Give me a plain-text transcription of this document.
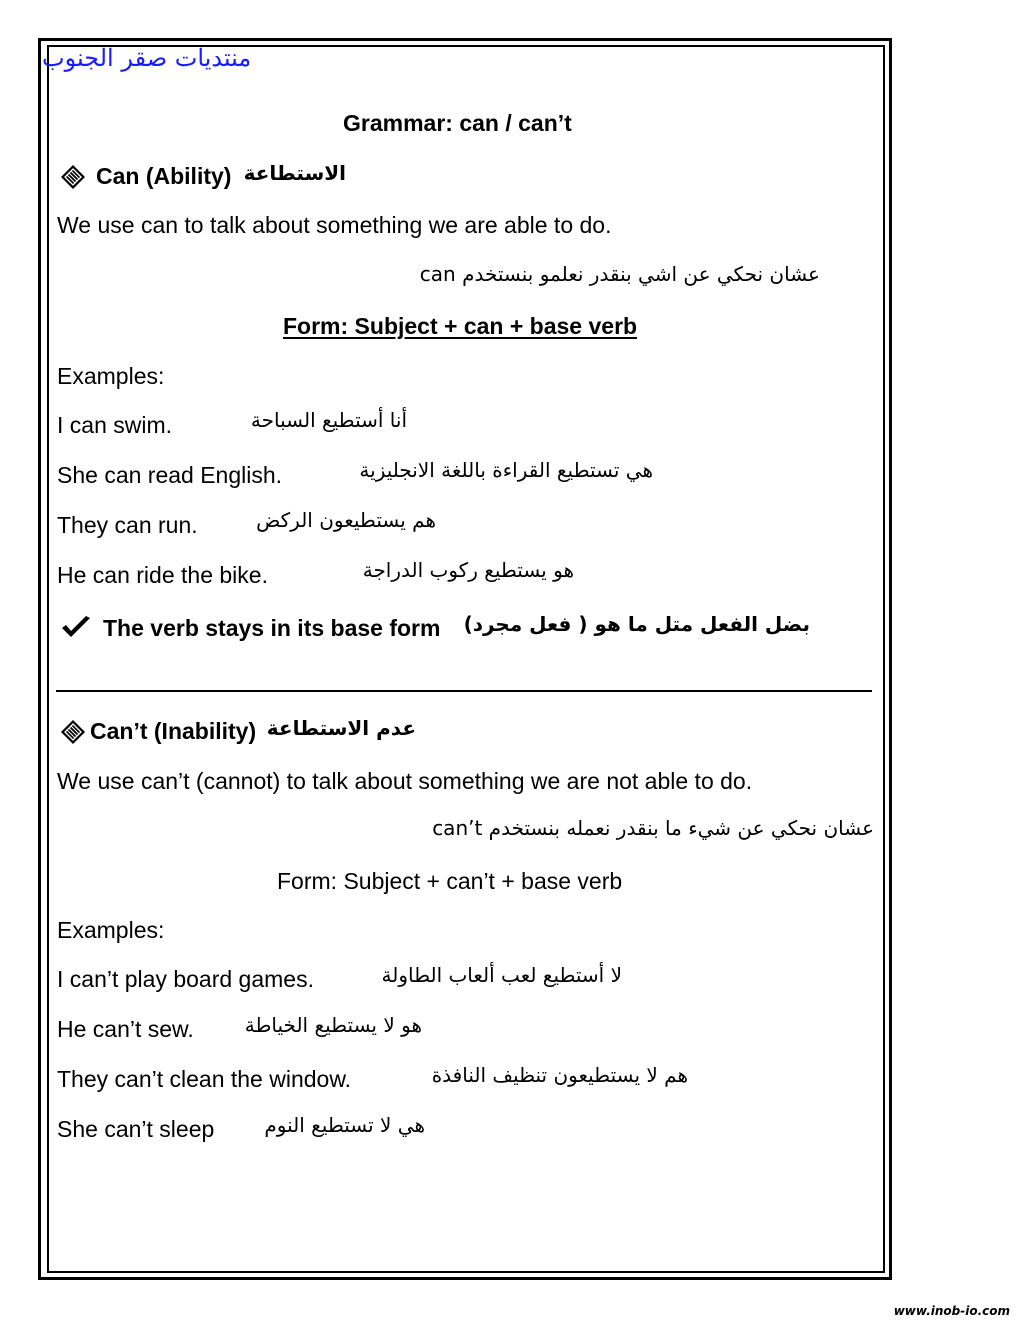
منتديات صقر الجنوب
Grammar: can / can’t
Can (Ability) الاستطاعة
We use can to talk about something we are able to do.
عشان نحكي عن اشي بنقدر نعلمو بنستخدم can
Form: Subject + can + base verb
Examples:
I can swim.	أنا أستطيع السباحة
She can read English.	هي تستطيع القراءة باللغة الانجليزية
They can run.	هم يستطيعون الركض
He can ride the bike.	هو يستطيع ركوب الدراجة
The verb stays in its base form بضل الفعل متل ما هو ( فعل مجرد)
Can’t (Inability) عدم الاستطاعة
We use can’t (cannot) to talk about something we are not able to do.
عشان نحكي عن شيء ما بنقدر نعمله بنستخدم can’t
Form: Subject + can’t + base verb
Examples:
I can’t play board games.	لا أستطيع لعب ألعاب الطاولة
He can’t sew.	هو لا يستطيع الخياطة
They can’t clean the window.	هم لا يستطيعون تنظيف النافذة
She can’t sleep	هي لا تستطيع النوم
www.inob-io.com
